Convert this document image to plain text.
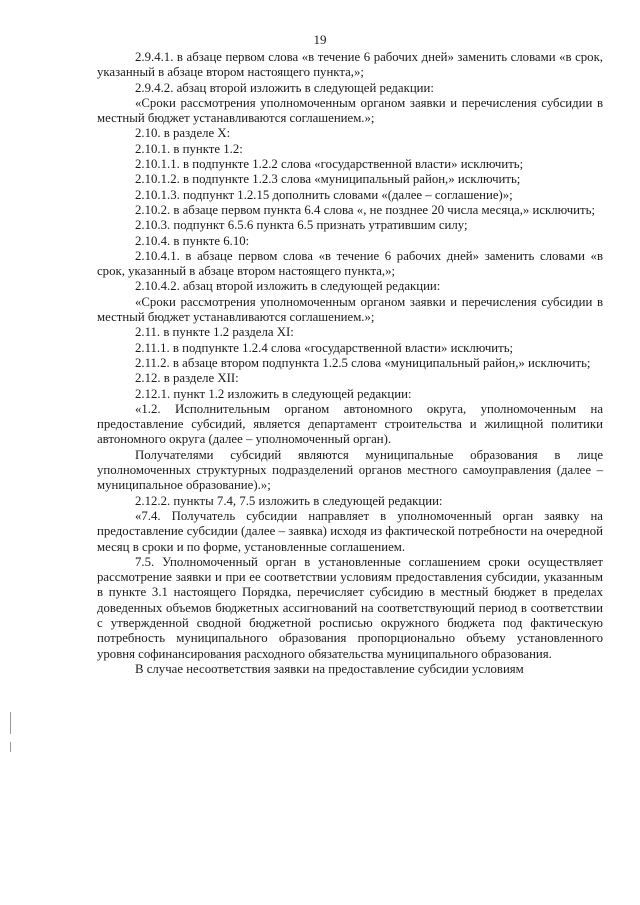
19

2.9.4.1. в абзаце первом слова «в течение 6 рабочих дней» заменить словами «в срок, указанный в абзаце втором настоящего пункта,»;

2.9.4.2. абзац второй изложить в следующей редакции:

«Сроки рассмотрения уполномоченным органом заявки и перечисления субсидии в местный бюджет устанавливаются соглашением.»;

2.10. в разделе X:

2.10.1. в пункте 1.2:

2.10.1.1. в подпункте 1.2.2 слова «государственной власти» исключить;

2.10.1.2. в подпункте 1.2.3 слова «муниципальный район,» исключить;

2.10.1.3. подпункт 1.2.15 дополнить словами «(далее – соглашение)»;

2.10.2. в абзаце первом пункта 6.4 слова «, не позднее 20 числа месяца,» исключить;

2.10.3. подпункт 6.5.6 пункта 6.5 признать утратившим силу;

2.10.4. в пункте 6.10:

2.10.4.1. в абзаце первом слова «в течение 6 рабочих дней» заменить словами «в срок, указанный в абзаце втором настоящего пункта,»;

2.10.4.2. абзац второй изложить в следующей редакции:

«Сроки рассмотрения уполномоченным органом заявки и перечисления субсидии в местный бюджет устанавливаются соглашением.»;

2.11. в пункте 1.2 раздела XI:

2.11.1. в подпункте 1.2.4 слова «государственной власти» исключить;

2.11.2. в абзаце втором подпункта 1.2.5 слова «муниципальный район,» исключить;

2.12. в разделе XII:

2.12.1. пункт 1.2 изложить в следующей редакции:

«1.2. Исполнительным органом автономного округа, уполномоченным на предоставление субсидий, является департамент строительства и жилищной политики автономного округа (далее – уполномоченный орган).

Получателями субсидий являются муниципальные образования в лице уполномоченных структурных подразделений органов местного самоуправления (далее – муниципальное образование).»;

2.12.2. пункты 7.4, 7.5 изложить в следующей редакции:

«7.4. Получатель субсидии направляет в уполномоченный орган заявку на предоставление субсидии (далее – заявка) исходя из фактической потребности на очередной месяц в сроки и по форме, установленные соглашением.

7.5. Уполномоченный орган в установленные соглашением сроки осуществляет рассмотрение заявки и при ее соответствии условиям предоставления субсидии, указанным в пункте 3.1 настоящего Порядка, перечисляет субсидию в местный бюджет в пределах доведенных объемов бюджетных ассигнований на соответствующий период в соответствии с утвержденной сводной бюджетной росписью окружного бюджета под фактическую потребность муниципального образования пропорционально объему установленного уровня софинансирования расходного обязательства муниципального образования.

В случае несоответствия заявки на предоставление субсидии условиям
